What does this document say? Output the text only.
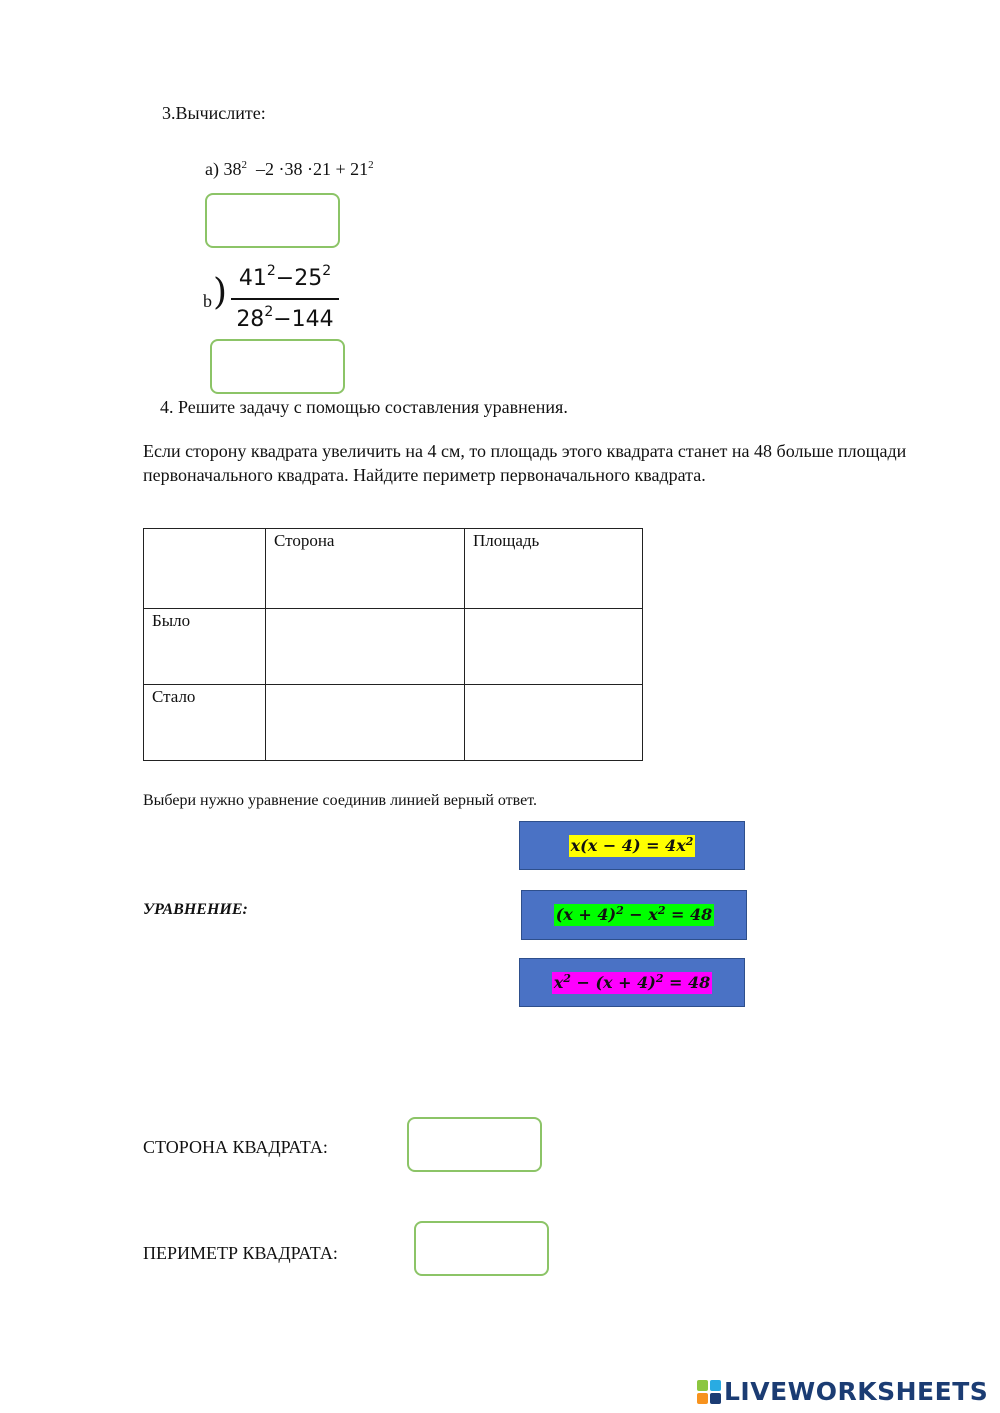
3.Вычислите:
a) $38^2$ $-2 \cdot 38 \cdot 21 + 21^2$
b ) $41^2-25^2$
$28^2-144$
4. Решите задачу с помощью составления уравнения.
Если сторону квадрата увеличить на 4 см, то площадь этого квадрата станет на 48 больше площади первоначального квадрата. Найдите периметр первоначального квадрата.
	Сторона	Площадь
Было		
Стало		
Выбери нужно уравнение соединив линией верный ответ.
УРАВНЕНИЕ:
$x(x - 4) = 4x^2$
$(x + 4)^2 - x^2 = 48$
$x^2 - (x + 4)^2 = 48$
СТОРОНА КВАДРАТА:
ПЕРИМЕТР КВАДРАТА:
LIVEWORKSHEETS
